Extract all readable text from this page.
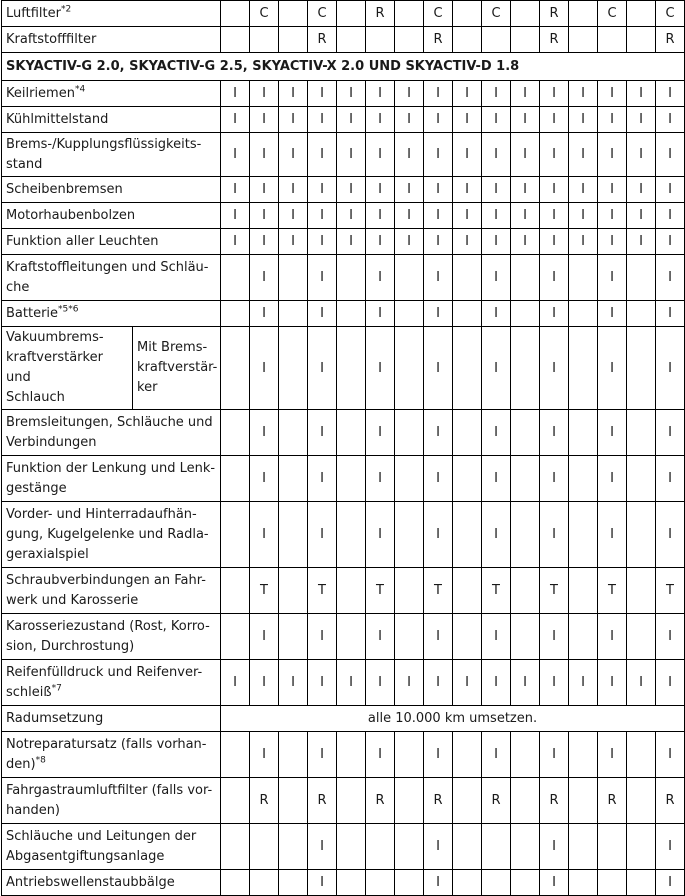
Luftfilter$^{*2}$			C		C		R		C		C		R		C		C
Kraftstofffilter					R				R				R				R
SKYACTIV-G 2.0, SKYACTIV-G 2.5, SKYACTIV-X 2.0 UND SKYACTIV-D 1.8																	
Keilriemen$^{*4}$		I	I	I	I	I	I	I	I	I	I	I	I	I	I	I	I
Kühlmittelstand		I	I	I	I	I	I	I	I	I	I	I	I	I	I	I	I
Brems-/Kupplungsflüssigkeits-
stand		I	I	I	I	I	I	I	I	I	I	I	I	I	I	I	I
Scheibenbremsen		I	I	I	I	I	I	I	I	I	I	I	I	I	I	I	I
Motorhaubenbolzen		I	I	I	I	I	I	I	I	I	I	I	I	I	I	I	I
Funktion aller Leuchten		I	I	I	I	I	I	I	I	I	I	I	I	I	I	I	I
Kraftstoffleitungen und Schläu-
che			I		I		I		I		I		I		I		I
Batterie$^{*5*6}$			I		I		I		I		I		I		I		I
Vakuumbrems-
kraftverstärker und
Schlauch	Mit Brems-
kraftverstär-
ker		I		I		I		I		I		I		I		I
Bremsleitungen, Schläuche und
Verbindungen			I		I		I		I		I		I		I		I
Funktion der Lenkung und Lenk-
gestänge			I		I		I		I		I		I		I		I
Vorder- und Hinterradaufhän-
gung, Kugelgelenke und Radla-
geraxialspiel			I		I		I		I		I		I		I		I
Schraubverbindungen an Fahr-
werk und Karosserie			T		T		T		T		T		T		T		T
Karosseriezustand (Rost, Korro-
sion, Durchrostung)			I		I		I		I		I		I		I		I
Reifenfülldruck und Reifenver-
schleiß$^{*7}$		I	I	I	I	I	I	I	I	I	I	I	I	I	I	I	I
Radumsetzung		alle 10.000 km umsetzen.															
Notreparatursatz (falls vorhan-
den)$^{*8}$			I		I		I		I		I		I		I		I
Fahrgastraumluftfilter (falls vor-
handen)			R		R		R		R		R		R		R		R
Schläuche und Leitungen der
Abgasentgiftungsanlage					I				I				I				I
Antriebswellenstaubbälge					I				I				I				I
